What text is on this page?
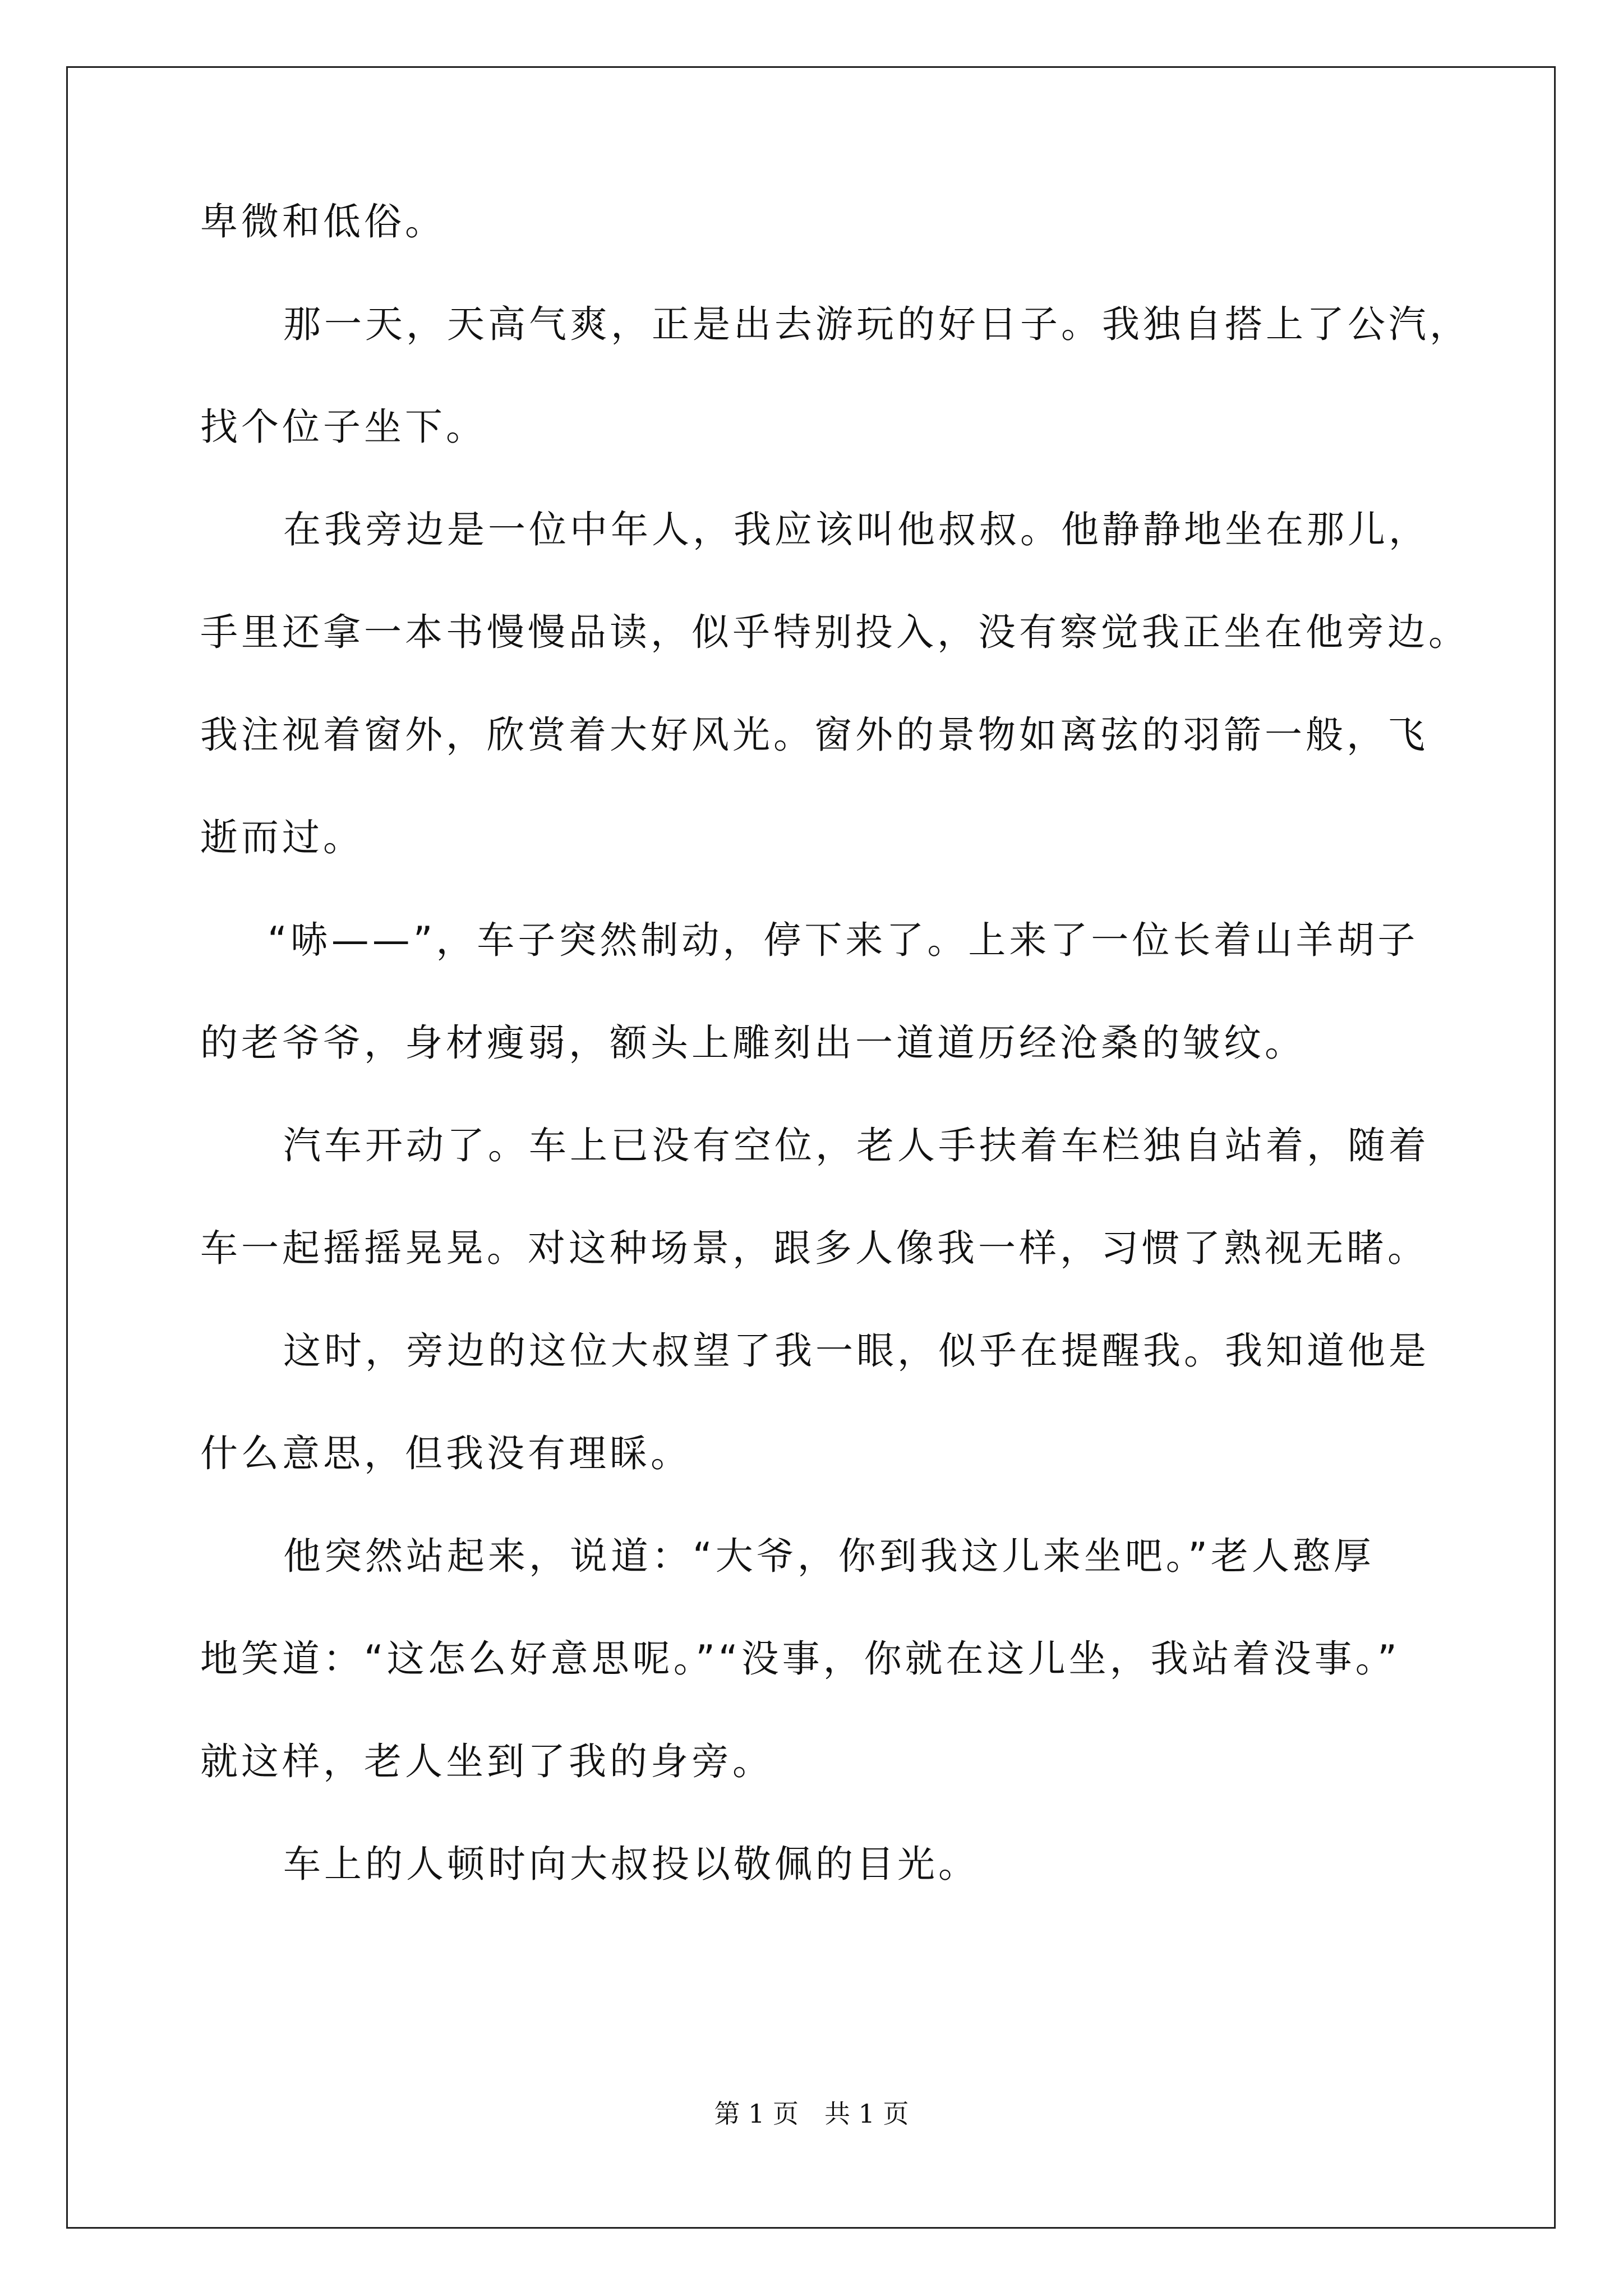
卑微和低俗。
那一天，天高气爽，正是出去游玩的好日子。我独自搭上了公汽，
找个位子坐下。
在我旁边是一位中年人，我应该叫他叔叔。他静静地坐在那儿，
手里还拿一本书慢慢品读，似乎特别投入，没有察觉我正坐在他旁边。
我注视着窗外，欣赏着大好风光。窗外的景物如离弦的羽箭一般，飞
逝而过。
“哧——”，车子突然制动，停下来了。上来了一位长着山羊胡子
的老爷爷，身材瘦弱，额头上雕刻出一道道历经沧桑的皱纹。
汽车开动了。车上已没有空位，老人手扶着车栏独自站着，随着
车一起摇摇晃晃。对这种场景，跟多人像我一样，习惯了熟视无睹。
这时，旁边的这位大叔望了我一眼，似乎在提醒我。我知道他是
什么意思，但我没有理睬。
他突然站起来，说道：“大爷，你到我这儿来坐吧。”老人憨厚
地笑道：“这怎么好意思呢。”“没事，你就在这儿坐，我站着没事。”
就这样，老人坐到了我的身旁。
车上的人顿时向大叔投以敬佩的目光。
第 1 页　共 1 页
